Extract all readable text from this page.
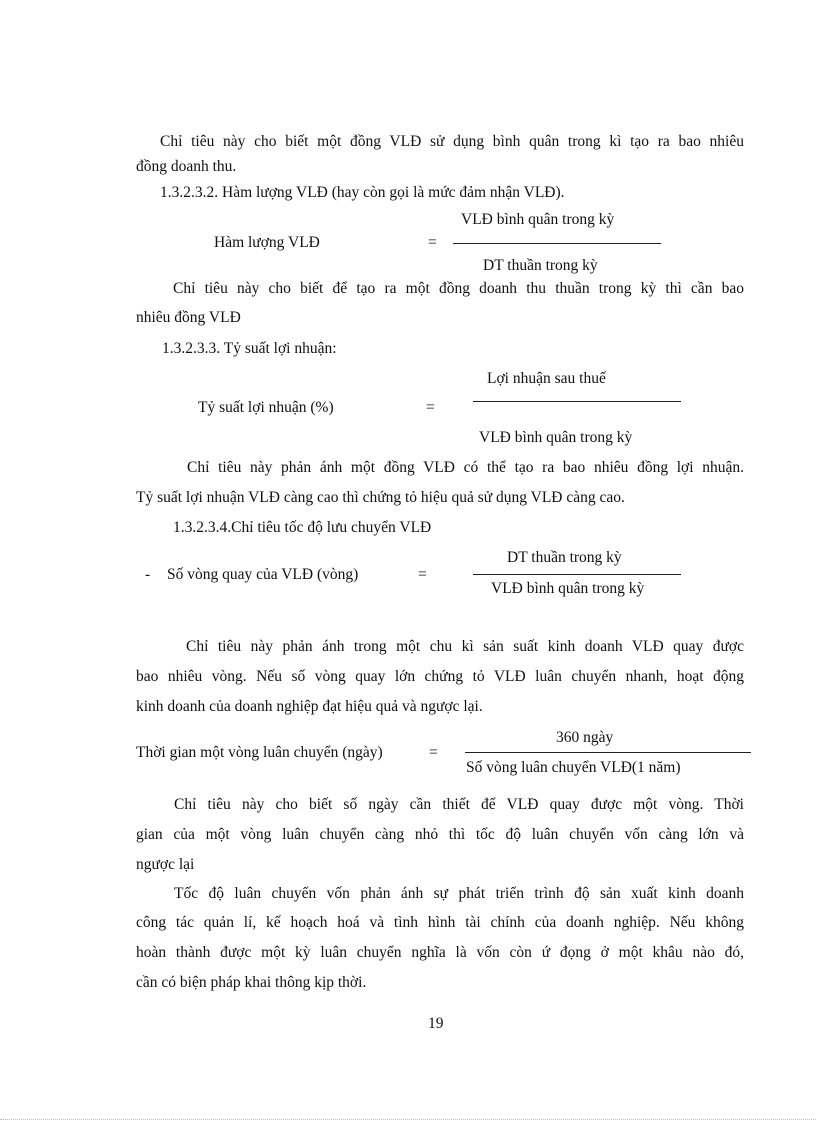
Chỉ tiêu này cho biết một đồng VLĐ sử dụng bình quân trong kì tạo ra bao nhiêu
đồng doanh thu.
1.3.2.3.2. Hàm lượng VLĐ (hay còn gọi là mức đảm nhận VLĐ).
Hàm lượng VLĐ	=
VLĐ bình quân trong kỳ
DT thuần trong kỳ
Chỉ tiêu này cho biết để tạo ra một đồng doanh thu thuần trong kỳ thì cần bao
nhiêu đồng VLĐ
1.3.2.3.3. Tỷ suất lợi nhuận:
Tỷ suất lợi nhuận (%)	=
Lợi nhuận sau thuế
VLĐ bình quân trong kỳ
Chỉ tiêu này phản ánh một đồng VLĐ có thể tạo ra bao nhiêu đồng lợi nhuận.
Tỷ suất lợi nhuận VLĐ càng cao thì chứng tỏ hiệu quả sử dụng VLĐ càng cao.
1.3.2.3.4.Chỉ tiêu tốc độ lưu chuyển VLĐ
- Số vòng quay của VLĐ (vòng)	=
DT thuần trong kỳ
VLĐ bình quân trong kỳ
Chỉ tiêu này phản ánh trong một chu kì sản suất kinh doanh VLĐ quay được
bao nhiêu vòng. Nếu số vòng quay lớn chứng tỏ VLĐ luân chuyển nhanh, hoạt động
kinh doanh của doanh nghiệp đạt hiệu quả và ngược lại.
Thời gian một vòng luân chuyển (ngày)	=
360 ngày
Số vòng luân chuyển VLĐ(1 năm)
Chỉ tiêu này cho biết số ngày cần thiết để VLĐ quay được một vòng. Thời
gian của một vòng luân chuyển càng nhỏ thì tốc độ luân chuyển vốn càng lớn và
ngược lại
Tốc độ luân chuyển vốn phản ánh sự phát triển trình độ sản xuất kinh doanh
công tác quản lí, kế hoạch hoá và tình hình tài chính của doanh nghiệp. Nếu không
hoàn thành được một kỳ luân chuyển nghĩa là vốn còn ứ đọng ở một khâu nào đó,
cần có biện pháp khai thông kịp thời.
19
